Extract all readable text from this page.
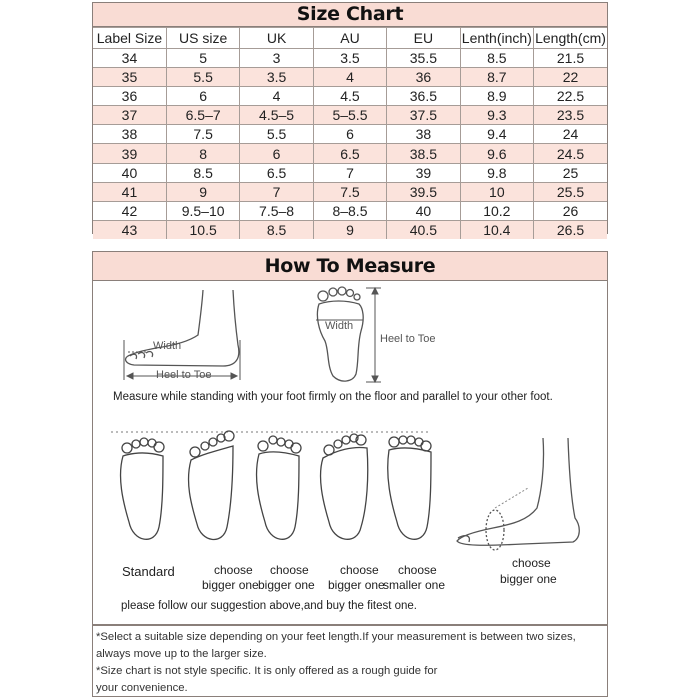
Size Chart
Label Size	US size	UK	AU	EU	Lenth(inch)	Length(cm)
34	5	3	3.5	35.5	8.5	21.5
35	5.5	3.5	4	36	8.7	22
36	6	4	4.5	36.5	8.9	22.5
37	6.5–7	4.5–5	5–5.5	37.5	9.3	23.5
38	7.5	5.5	6	38	9.4	24
39	8	6	6.5	38.5	9.6	24.5
40	8.5	6.5	7	39	9.8	25
41	9	7	7.5	39.5	10	25.5
42	9.5–10	7.5–8	8–8.5	40	10.2	26
43	10.5	8.5	9	40.5	10.4	26.5
How To Measure
Width
Heel to Toe
Width
Heel to Toe
Measure while standing with your foot firmly on the floor and parallel to your other foot.
Standard	choose
bigger one
choose
bigger one
choose
bigger one
choose
smaller one
choose
bigger one
please follow our suggestion above,and buy the fitest one.

*Select a suitable size depending on your feet length.If your measurement is between two sizes,

always move up to the larger size.

*Size chart is not style specific. It is only offered as a rough guide for

your convenience.
